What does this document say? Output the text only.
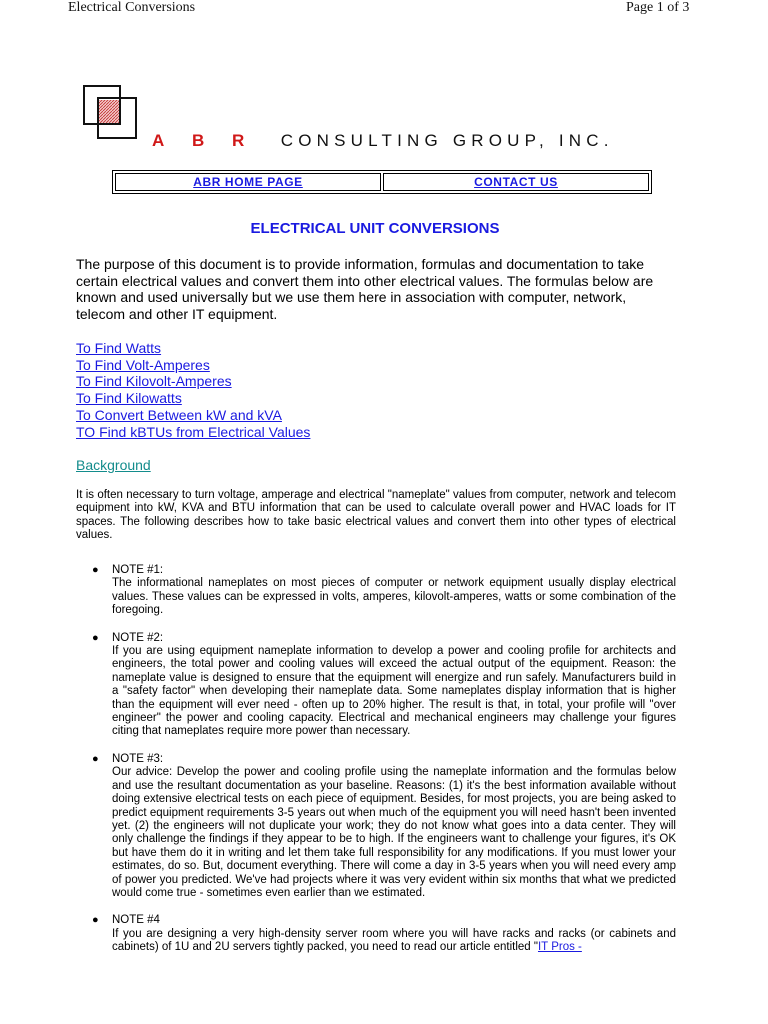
Electrical Conversions	Page 1 of 3
A B R CONSULTING GROUP, INC.
ABR HOME PAGE	CONTACT US
ELECTRICAL UNIT CONVERSIONS
The purpose of this document is to provide information, formulas and documentation to take certain electrical values and convert them into other electrical values. The formulas below are known and used universally but we use them here in association with computer, network, telecom and other IT equipment.
To Find Watts
To Find Volt-Amperes
To Find Kilovolt-Amperes
To Find Kilowatts
To Convert Between kW and kVA
TO Find kBTUs from Electrical Values
Background
It is often necessary to turn voltage, amperage and electrical "nameplate" values from computer, network and telecom equipment into kW, KVA and BTU information that can be used to calculate overall power and HVAC loads for IT spaces. The following describes how to take basic electrical values and convert them into other types of electrical values.
●	NOTE #1:
The informational nameplates on most pieces of computer or network equipment usually display electrical values. These values can be expressed in volts, amperes, kilovolt-amperes, watts or some combination of the foregoing.
●	NOTE #2:
If you are using equipment nameplate information to develop a power and cooling profile for architects and engineers, the total power and cooling values will exceed the actual output of the equipment. Reason: the nameplate value is designed to ensure that the equipment will energize and run safely. Manufacturers build in a "safety factor" when developing their nameplate data. Some nameplates display information that is higher than the equipment will ever need - often up to 20% higher. The result is that, in total, your profile will "over engineer" the power and cooling capacity. Electrical and mechanical engineers may challenge your figures citing that nameplates require more power than necessary.
●	NOTE #3:
Our advice: Develop the power and cooling profile using the nameplate information and the formulas below and use the resultant documentation as your baseline. Reasons: (1) it's the best information available without doing extensive electrical tests on each piece of equipment. Besides, for most projects, you are being asked to predict equipment requirements 3-5 years out when much of the equipment you will need hasn't been invented yet. (2) the engineers will not duplicate your work; they do not know what goes into a data center. They will only challenge the findings if they appear to be to high. If the engineers want to challenge your figures, it's OK but have them do it in writing and let them take full responsibility for any modifications. If you must lower your estimates, do so. But, document everything. There will come a day in 3-5 years when you will need every amp of power you predicted. We've had projects where it was very evident within six months that what we predicted would come true - sometimes even earlier than we estimated.
●	NOTE #4
If you are designing a very high-density server room where you will have racks and racks (or cabinets and cabinets) of 1U and 2U servers tightly packed, you need to read our article entitled "IT Pros -
